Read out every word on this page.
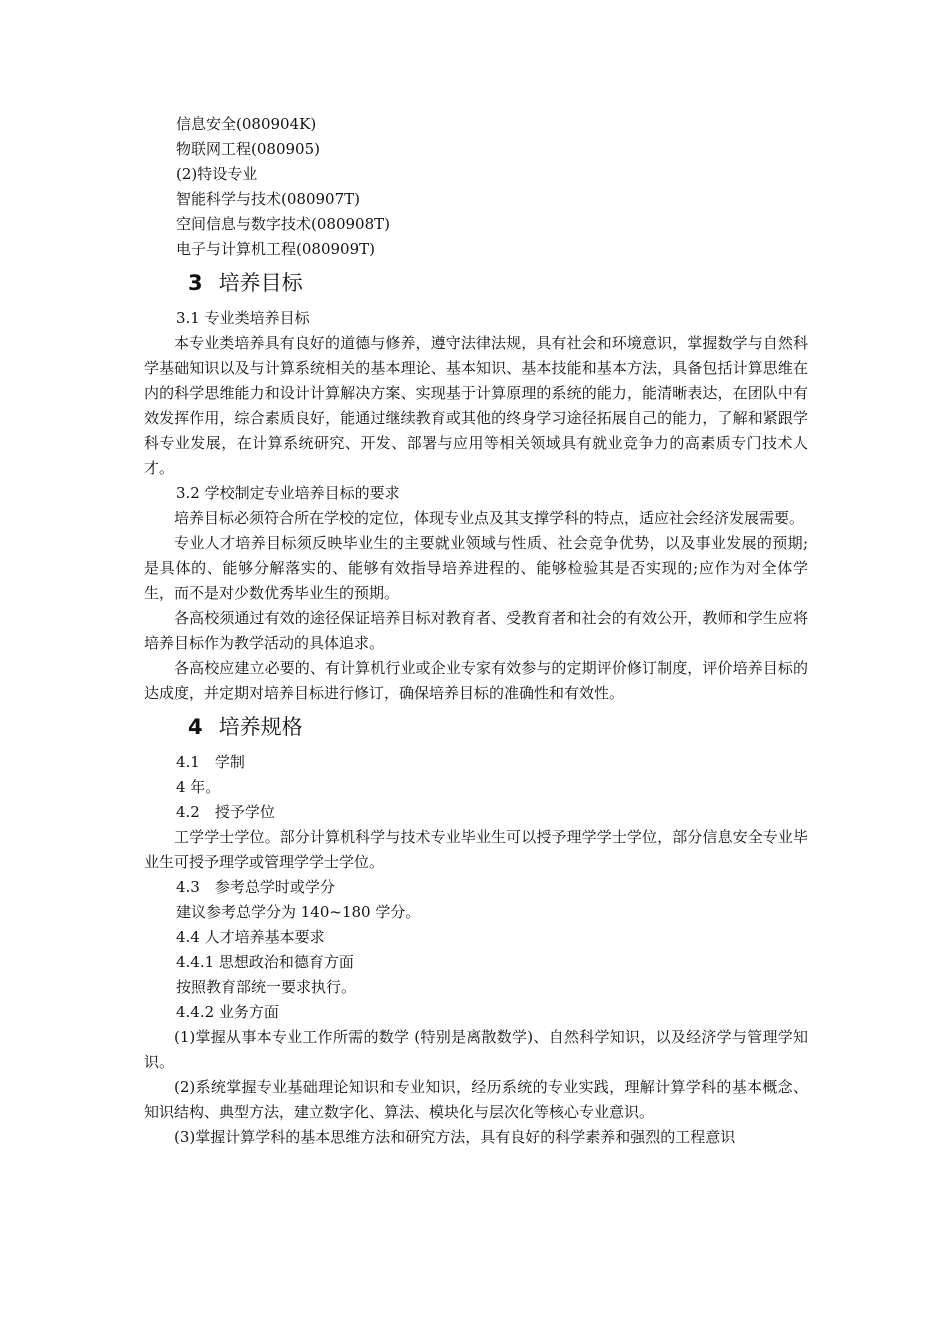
信息安全(080904K)

物联网工程(080905)

(2)特设专业

智能科学与技术(080907T)

空间信息与数字技术(080908T)

电子与计算机工程(080909T)

3 培养目标

3.1 专业类培养目标

本专业类培养具有良好的道德与修养，遵守法律法规，具有社会和环境意识，掌握数学与自然科学基础知识以及与计算系统相关的基本理论、基本知识、基本技能和基本方法，具备包括计算思维在内的科学思维能力和设计计算解决方案、实现基于计算原理的系统的能力，能清晰表达，在团队中有效发挥作用，综合素质良好，能通过继续教育或其他的终身学习途径拓展自己的能力，了解和紧跟学科专业发展，在计算系统研究、开发、部署与应用等相关领域具有就业竞争力的高素质专门技术人才。

3.2 学校制定专业培养目标的要求

培养目标必须符合所在学校的定位，体现专业点及其支撑学科的特点，适应社会经济发展需要。

专业人才培养目标须反映毕业生的主要就业领域与性质、社会竞争优势，以及事业发展的预期;是具体的、能够分解落实的、能够有效指导培养进程的、能够检验其是否实现的;应作为对全体学生，而不是对少数优秀毕业生的预期。

各高校须通过有效的途径保证培养目标对教育者、受教育者和社会的有效公开，教师和学生应将培养目标作为教学活动的具体追求。

各高校应建立必要的、有计算机行业或企业专家有效参与的定期评价修订制度，评价培养目标的达成度，并定期对培养目标进行修订，确保培养目标的准确性和有效性。

4 培养规格

4.1　学制

4 年。

4.2　授予学位

工学学士学位。部分计算机科学与技术专业毕业生可以授予理学学士学位，部分信息安全专业毕业生可授予理学或管理学学士学位。

4.3　参考总学时或学分

建议参考总学分为 140~180 学分。

4.4 人才培养基本要求

4.4.1 思想政治和德育方面

按照教育部统一要求执行。

4.4.2 业务方面

(1)掌握从事本专业工作所需的数学 (特别是离散数学)、自然科学知识，以及经济学与管理学知识。

(2)系统掌握专业基础理论知识和专业知识，经历系统的专业实践，理解计算学科的基本概念、知识结构、典型方法，建立数字化、算法、模块化与层次化等核心专业意识。

(3)掌握计算学科的基本思维方法和研究方法，具有良好的科学素养和强烈的工程意识
